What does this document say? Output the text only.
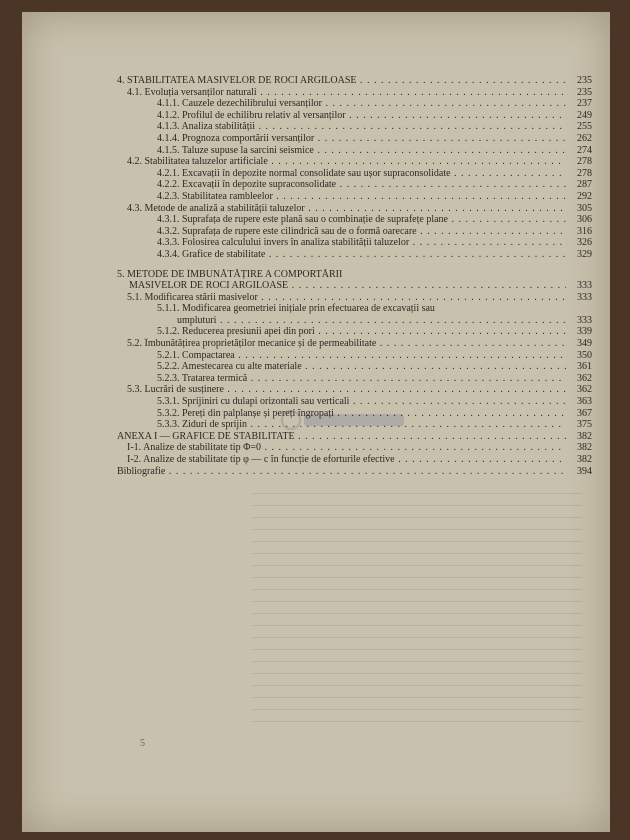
4. STABILITATEA MASIVELOR DE ROCI ARGILOASE . . .	235
4.1. Evoluția versanților naturali . . .	235
4.1.1. Cauzele dezechilibrului versanților . . .	237
4.1.2. Profilul de echilibru relativ al versanților . . .	249
4.1.3. Analiza stabilității . . .	255
4.1.4. Prognoza comportării versanților . . .	262
4.1.5. Taluze supuse la sarcini seismice . . .	274
4.2. Stabilitatea taluzelor artificiale . . .	278
4.2.1. Excavații în depozite normal consolidate sau ușor supraconsolidate . . .	278
4.2.2. Excavații în depozite supraconsolidate . . .	287
4.2.3. Stabilitatea rambleelor . . .	292
4.3. Metode de analiză a stabilității taluzelor . . .	305
4.3.1. Suprafața de rupere este plană sau o combinație de suprafețe plane . . .	306
4.3.2. Suprafața de rupere este cilindrică sau de o formă oarecare . . .	316
4.3.3. Folosirea calculului invers în analiza stabilității taluzelor . . .	326
4.3.4. Grafice de stabilitate . . .	329
5. METODE DE ÎMBUNĂTĂȚIRE A COMPORTĂRII
MASIVELOR DE ROCI ARGILOASE . . .	333
5.1. Modificarea stării masivelor . . .	333
5.1.1. Modificarea geometriei inițiale prin efectuarea de excavații sau
umpluturi . . .	333
5.1.2. Reducerea presiunii apei din pori . . .	339
5.2. Îmbunătățirea proprietăților mecanice și de permeabilitate . . .	349
5.2.1. Compactarea . . .	350
5.2.2. Amestecarea cu alte materiale . . .	361
5.2.3. Tratarea termică . . .	362
5.3. Lucrări de susținere . . .	362
5.3.1. Sprijiniri cu dulapi orizontali sau verticali . . .	363
5.3.2. Pereți din palplanșe și pereți îngropați . . .	367
5.3.3. Ziduri de sprijin . . .	375
ANEXA I — GRAFICE DE STABILITATE . . .	382
I-1. Analize de stabilitate tip Φ=0 . . .	382
I-2. Analize de stabilitate tip φ — c în funcție de eforturile efective . . .	382
Bibliografie . . .	394
5
